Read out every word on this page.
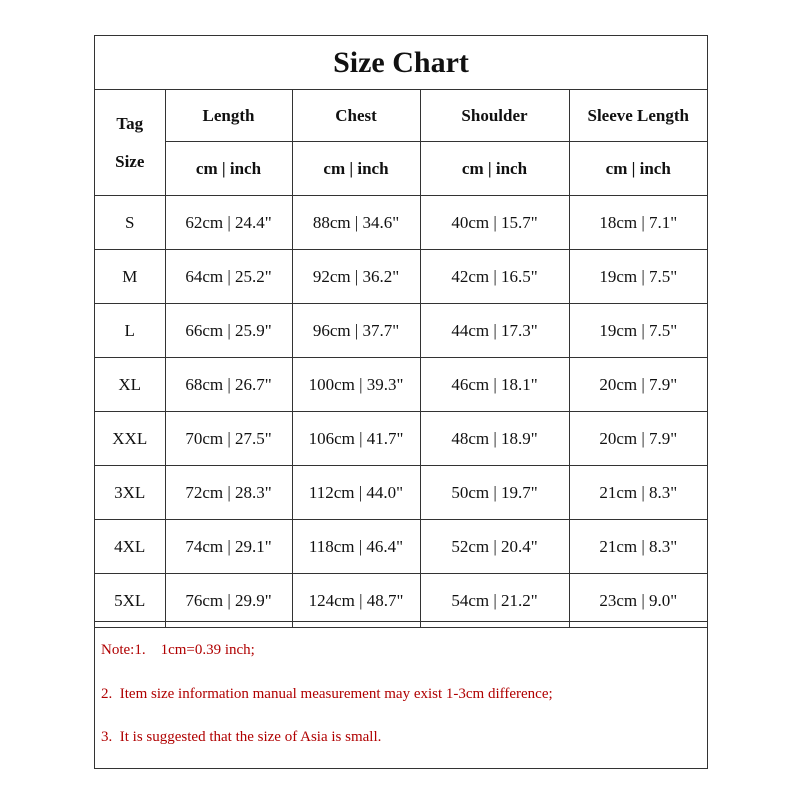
Size Chart
Tag
Size	Length	Chest	Shoulder	Sleeve Length
	cm | inch	cm | inch	cm | inch	cm | inch
S	62cm | 24.4"	88cm | 34.6"	40cm | 15.7"	18cm | 7.1"
M	64cm | 25.2"	92cm | 36.2"	42cm | 16.5"	19cm | 7.5"
L	66cm | 25.9"	96cm | 37.7"	44cm | 17.3"	19cm | 7.5"
XL	68cm | 26.7"	100cm | 39.3"	46cm | 18.1"	20cm | 7.9"
XXL	70cm | 27.5"	106cm | 41.7"	48cm | 18.9"	20cm | 7.9"
3XL	72cm | 28.3"	112cm | 44.0"	50cm | 19.7"	21cm | 8.3"
4XL	74cm | 29.1"	118cm | 46.4"	52cm | 20.4"	21cm | 8.3"
5XL	76cm | 29.9"	124cm | 48.7"	54cm | 21.2"	23cm | 9.0"
Note:1.    1cm=0.39 inch;
2.  Item size information manual measurement may exist 1-3cm difference;
3.  It is suggested that the size of Asia is small.
